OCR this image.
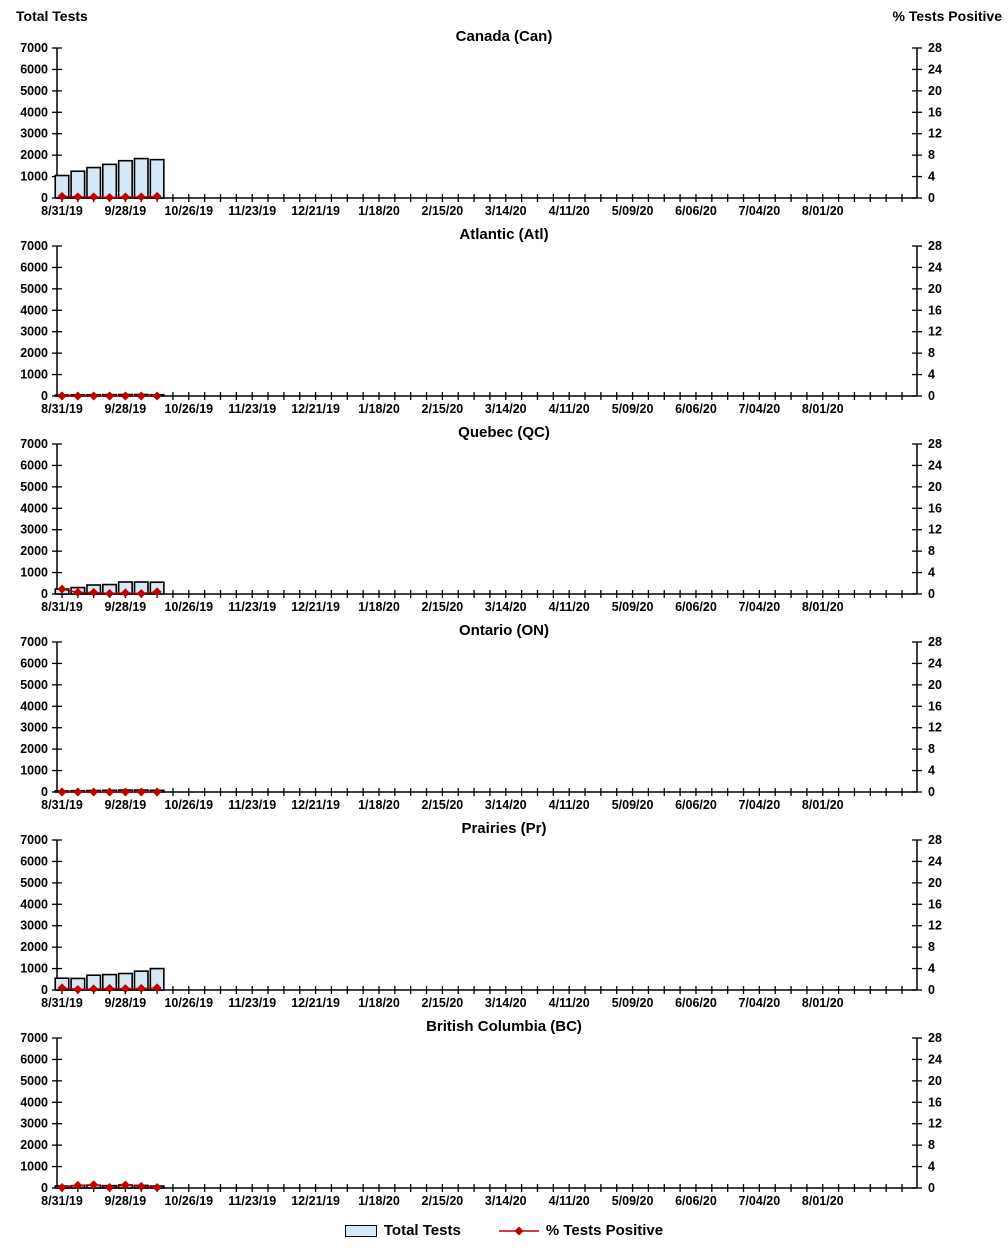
Total Tests	% Tests Positive
Canada (Can)
0
1000
2000
3000
4000
5000
6000
7000
0
4
8
12
16
20
24
28
8/31/19 9/28/19 10/26/19 11/23/19 12/21/19 1/18/20 2/15/20 3/14/20 4/11/20 5/09/20 6/06/20 7/04/20 8/01/20
Atlantic (Atl)
0
1000
2000
3000
4000
5000
6000
7000
0
4
8
12
16
20
24
28
8/31/19 9/28/19 10/26/19 11/23/19 12/21/19 1/18/20 2/15/20 3/14/20 4/11/20 5/09/20 6/06/20 7/04/20 8/01/20
Quebec (QC)
0
1000
2000
3000
4000
5000
6000
7000
0
4
8
12
16
20
24
28
8/31/19 9/28/19 10/26/19 11/23/19 12/21/19 1/18/20 2/15/20 3/14/20 4/11/20 5/09/20 6/06/20 7/04/20 8/01/20
Ontario (ON)
0
1000
2000
3000
4000
5000
6000
7000
0
4
8
12
16
20
24
28
8/31/19 9/28/19 10/26/19 11/23/19 12/21/19 1/18/20 2/15/20 3/14/20 4/11/20 5/09/20 6/06/20 7/04/20 8/01/20
Prairies (Pr)
0
1000
2000
3000
4000
5000
6000
7000
0
4
8
12
16
20
24
28
8/31/19 9/28/19 10/26/19 11/23/19 12/21/19 1/18/20 2/15/20 3/14/20 4/11/20 5/09/20 6/06/20 7/04/20 8/01/20
British Columbia (BC)
0
1000
2000
3000
4000
5000
6000
7000
0
4
8
12
16
20
24
28
8/31/19 9/28/19 10/26/19 11/23/19 12/21/19 1/18/20 2/15/20 3/14/20 4/11/20 5/09/20 6/06/20 7/04/20 8/01/20
Total Tests	% Tests Positive
